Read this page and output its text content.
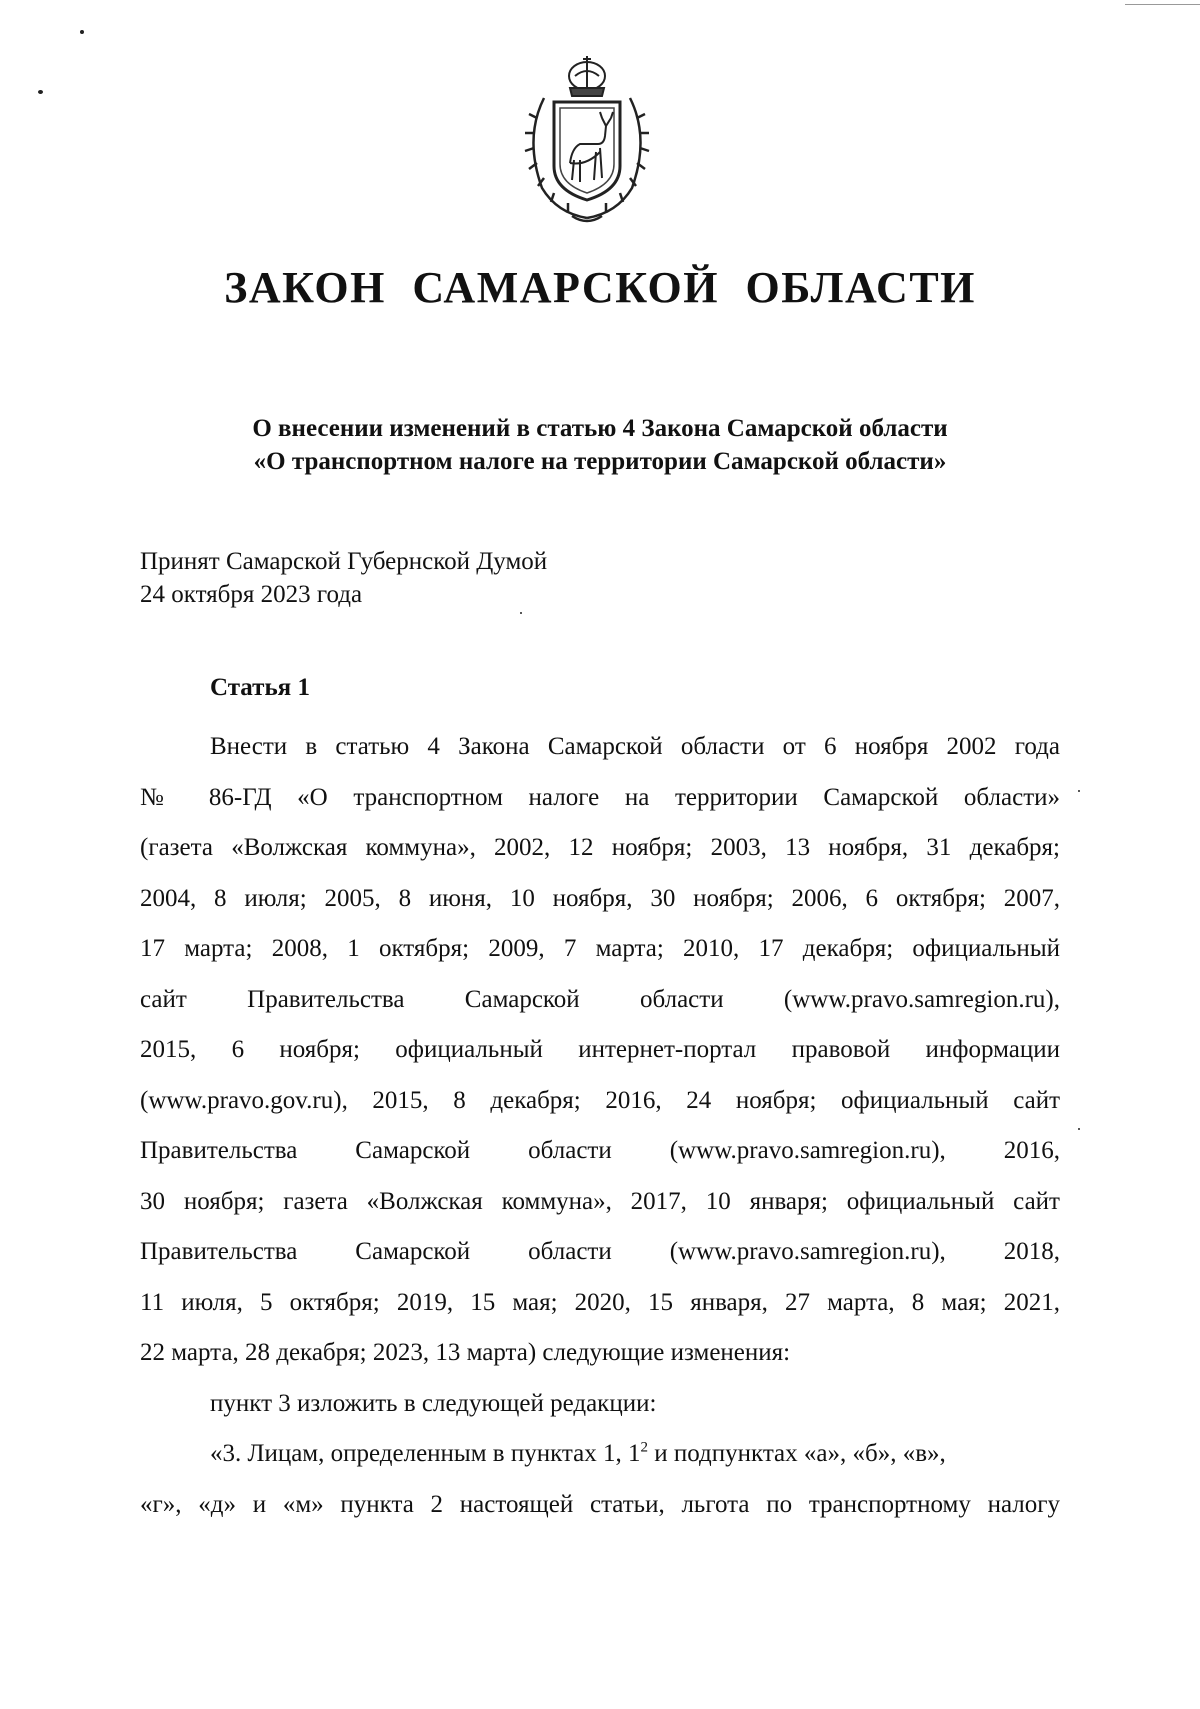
ЗАКОН САМАРСКОЙ ОБЛАСТИ
О внесении изменений в статью 4 Закона Самарской области
«О транспортном налоге на территории Самарской области»
Принят Самарской Губернской Думой
24 октября 2023 года
Статья 1
Внести в статью 4 Закона Самарской области от 6 ноября 2002 года
№ 86-ГД «О транспортном налоге на территории Самарской области»
(газета «Волжская коммуна», 2002, 12 ноября; 2003, 13 ноября, 31 декабря;
2004, 8 июля; 2005, 8 июня, 10 ноября, 30 ноября; 2006, 6 октября; 2007,
17 марта; 2008, 1 октября; 2009, 7 марта; 2010, 17 декабря; официальный
сайт Правительства Самарской области (www.pravo.samregion.ru),
2015, 6 ноября; официальный интернет-портал правовой информации
(www.pravo.gov.ru), 2015, 8 декабря; 2016, 24 ноября; официальный сайт
Правительства Самарской области (www.pravo.samregion.ru), 2016,
30 ноября; газета «Волжская коммуна», 2017, 10 января; официальный сайт
Правительства Самарской области (www.pravo.samregion.ru), 2018,
11 июля, 5 октября; 2019, 15 мая; 2020, 15 января, 27 марта, 8 мая; 2021,
22 марта, 28 декабря; 2023, 13 марта) следующие изменения:

пункт 3 изложить в следующей редакции:

«3. Лицам, определенным в пунктах 1, $1^2$ и подпунктах «а», «б», «в»,
«г», «д» и «м» пункта 2 настоящей статьи, льгота по транспортному налогу
